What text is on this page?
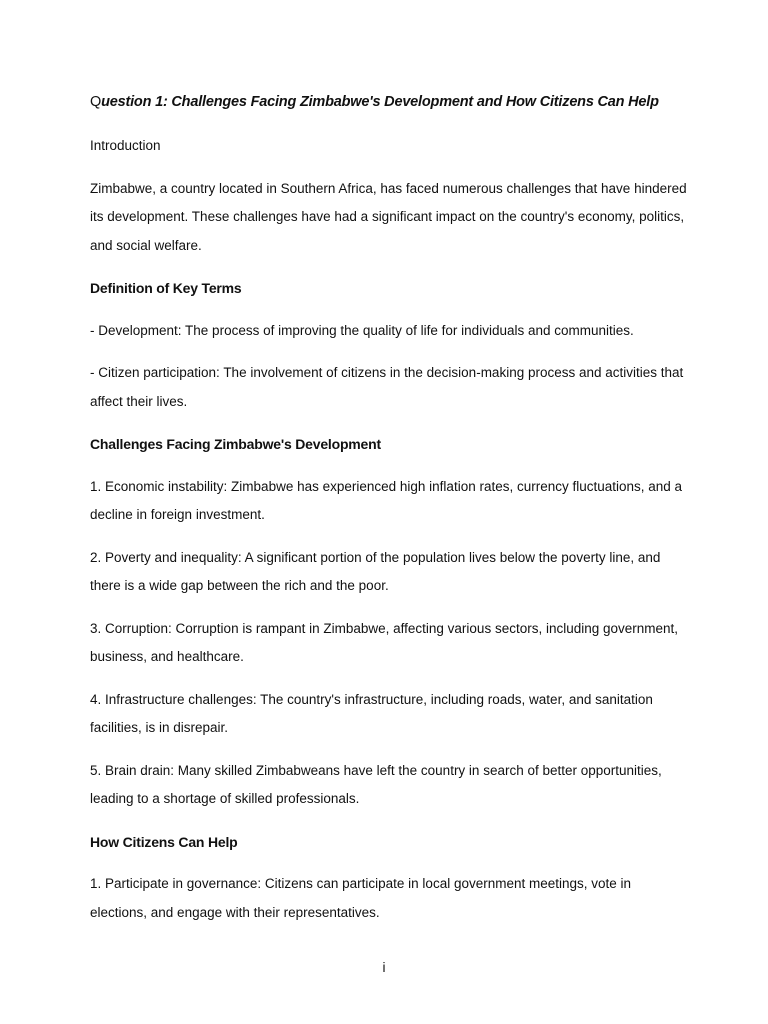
Question 1: Challenges Facing Zimbabwe's Development and How Citizens Can Help

Introduction

Zimbabwe, a country located in Southern Africa, has faced numerous challenges that have hindered its development. These challenges have had a significant impact on the country's economy, politics, and social welfare.

Definition of Key Terms

- Development: The process of improving the quality of life for individuals and communities.

- Citizen participation: The involvement of citizens in the decision-making process and activities that affect their lives.

Challenges Facing Zimbabwe's Development

1. Economic instability: Zimbabwe has experienced high inflation rates, currency fluctuations, and a decline in foreign investment.

2. Poverty and inequality: A significant portion of the population lives below the poverty line, and there is a wide gap between the rich and the poor.

3. Corruption: Corruption is rampant in Zimbabwe, affecting various sectors, including government, business, and healthcare.

4. Infrastructure challenges: The country's infrastructure, including roads, water, and sanitation facilities, is in disrepair.

5. Brain drain: Many skilled Zimbabweans have left the country in search of better opportunities, leading to a shortage of skilled professionals.

How Citizens Can Help

1. Participate in governance: Citizens can participate in local government meetings, vote in elections, and engage with their representatives.

i
